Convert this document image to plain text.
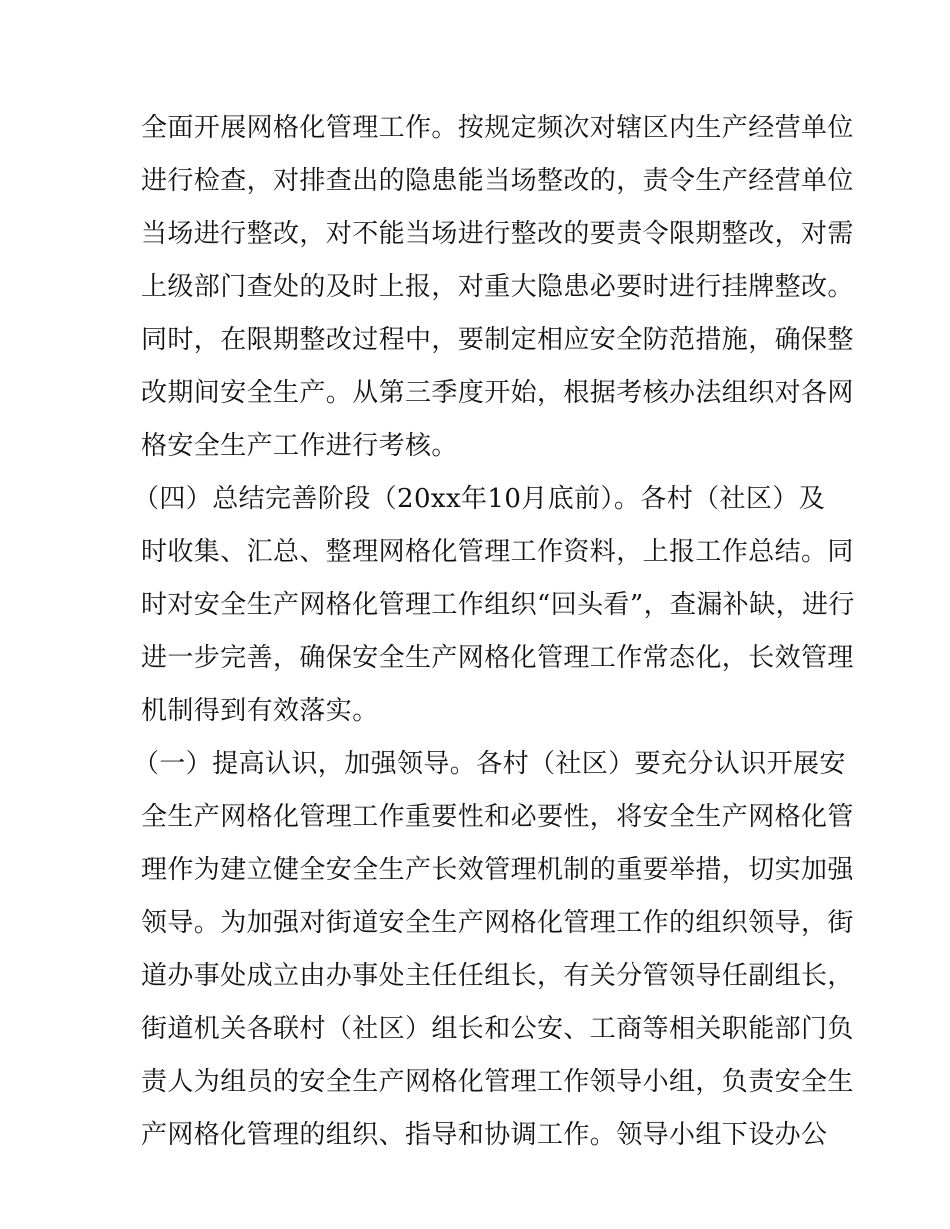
全面开展网格化管理工作。按规定频次对辖区内生产经营单位
进行检查，对排查出的隐患能当场整改的，责令生产经营单位
当场进行整改，对不能当场进行整改的要责令限期整改，对需
上级部门查处的及时上报，对重大隐患必要时进行挂牌整改。
同时，在限期整改过程中，要制定相应安全防范措施，确保整
改期间安全生产。从第三季度开始，根据考核办法组织对各网
格安全生产工作进行考核。
（四）总结完善阶段（20xx年10月底前）。各村（社区）及
时收集、汇总、整理网格化管理工作资料，上报工作总结。同
时对安全生产网格化管理工作组织“回头看”，查漏补缺，进行
进一步完善，确保安全生产网格化管理工作常态化，长效管理
机制得到有效落实。
（一）提高认识，加强领导。各村（社区）要充分认识开展安
全生产网格化管理工作重要性和必要性，将安全生产网格化管
理作为建立健全安全生产长效管理机制的重要举措，切实加强
领导。为加强对街道安全生产网格化管理工作的组织领导，街
道办事处成立由办事处主任任组长，有关分管领导任副组长，
街道机关各联村（社区）组长和公安、工商等相关职能部门负
责人为组员的安全生产网格化管理工作领导小组，负责安全生
产网格化管理的组织、指导和协调工作。领导小组下设办公
